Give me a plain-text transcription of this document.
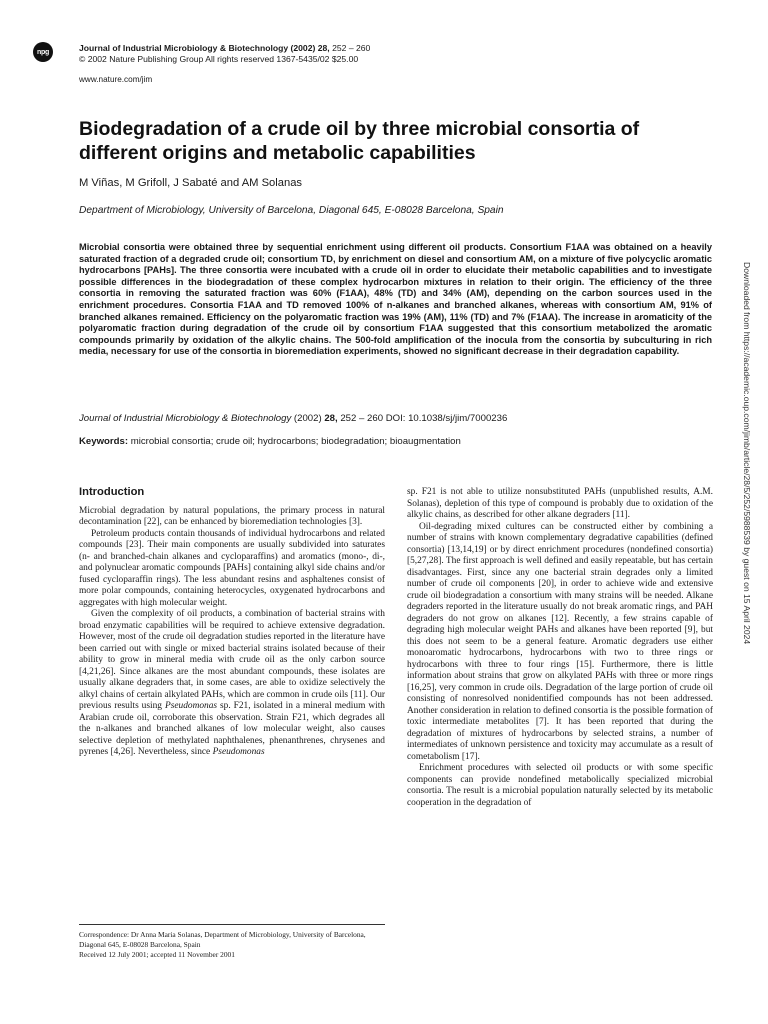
npg	Journal of Industrial Microbiology & Biotechnology (2002) 28, 252 – 260
© 2002 Nature Publishing Group All rights reserved 1367-5435/02 $25.00
www.nature.com/jim
Biodegradation of a crude oil by three microbial consortia of different origins and metabolic capabilities
M Viñas, M Grifoll, J Sabaté and AM Solanas
Department of Microbiology, University of Barcelona, Diagonal 645, E-08028 Barcelona, Spain
Microbial consortia were obtained three by sequential enrichment using different oil products. Consortium F1AA was obtained on a heavily saturated fraction of a degraded crude oil; consortium TD, by enrichment on diesel and consortium AM, on a mixture of five polycyclic aromatic hydrocarbons [PAHs]. The three consortia were incubated with a crude oil in order to elucidate their metabolic capabilities and to investigate possible differences in the biodegradation of these complex hydrocarbon mixtures in relation to their origin. The efficiency of the three consortia in removing the saturated fraction was 60% (F1AA), 48% (TD) and 34% (AM), depending on the carbon sources used in the enrichment procedures. Consortia F1AA and TD removed 100% of n-alkanes and branched alkanes, whereas with consortium AM, 91% of branched alkanes remained. Efficiency on the polyaromatic fraction was 19% (AM), 11% (TD) and 7% (F1AA). The increase in aromaticity of the polyaromatic fraction during degradation of the crude oil by consortium F1AA suggested that this consortium metabolized the aromatic compounds primarily by oxidation of the alkylic chains. The 500-fold amplification of the inocula from the consortia by subculturing in rich media, necessary for use of the consortia in bioremediation experiments, showed no significant decrease in their degradation capability.
Journal of Industrial Microbiology & Biotechnology (2002) 28, 252 – 260 DOI: 10.1038/sj/jim/7000236
Keywords: microbial consortia; crude oil; hydrocarbons; biodegradation; bioaugmentation	Downloaded from https://academic.oup.com/jimb/article/28/5/252/5988539 by guest on 15 April 2024
Introduction

Microbial degradation by natural populations, the primary process in natural decontamination [22], can be enhanced by bioremediation technologies [3].

Petroleum products contain thousands of individual hydrocarbons and related compounds [23]. Their main components are usually subdivided into saturates (n- and branched-chain alkanes and cycloparaffins) and aromatics (mono-, di-, and polynuclear aromatic compounds [PAHs] containing alkyl side chains and/or fused cycloparaffin rings). The less abundant resins and asphaltenes consist of more polar compounds, containing heterocycles, oxygenated hydrocarbons and aggregates with high molecular weight.

Given the complexity of oil products, a combination of bacterial strains with broad enzymatic capabilities will be required to achieve extensive degradation. However, most of the crude oil degradation studies reported in the literature have been carried out with single or mixed bacterial strains isolated because of their ability to grow in mineral media with crude oil as the only carbon source [4,21,26]. Since alkanes are the most abundant compounds, these isolates are usually alkane degraders that, in some cases, are able to oxidize selectively the alkyl chains of certain alkylated PAHs, which are common in crude oils [11]. Our previous results using Pseudomonas sp. F21, isolated in a mineral medium with Arabian crude oil, corroborate this observation. Strain F21, which degrades all the n-alkanes and branched alkanes of low molecular weight, also causes selective depletion of methylated naphthalenes, phenanthrenes, chrysenes and pyrenes [4,26]. Nevertheless, since Pseudomonas

sp. F21 is not able to utilize nonsubstituted PAHs (unpublished results, A.M. Solanas), depletion of this type of compound is probably due to oxidation of the alkylic chains, as described for other alkane degraders [11].

Oil-degrading mixed cultures can be constructed either by combining a number of strains with known complementary degradative capabilities (defined consortia) [13,14,19] or by direct enrichment procedures (nondefined consortia) [5,27,28]. The first approach is well defined and easily repeatable, but has certain disadvantages. First, since any one bacterial strain degrades only a limited number of crude oil components [20], in order to achieve wide and extensive crude oil biodegradation a consortium with many strains will be needed. Alkane degraders reported in the literature usually do not break aromatic rings, and PAH degraders do not grow on alkanes [12]. Recently, a few strains capable of degrading high molecular weight PAHs and alkanes have been reported [9], but this does not seem to be a general feature. Aromatic degraders use either monoaromatic hydrocarbons, hydrocarbons with two to three rings or hydrocarbons with three to four rings [15]. Furthermore, there is little information about strains that grow on alkylated PAHs with three or more rings [16,25], very common in crude oils. Degradation of the large portion of crude oil consisting of nonresolved nonidentified compounds has not been addressed. Another consideration in relation to defined consortia is the possible formation of toxic intermediate metabolites [7]. It has been reported that during the degradation of mixtures of hydrocarbons by selected strains, a number of intermediates of unknown persistence and toxicity may accumulate as a result of cometabolism [17].

Enrichment procedures with selected oil products or with some specific components can provide nondefined metabolically specialized microbial consortia. The result is a microbial population naturally selected by its metabolic cooperation in the degradation of

Correspondence: Dr Anna Maria Solanas, Department of Microbiology, University of Barcelona, Diagonal 645, E-08028 Barcelona, Spain
Received 12 July 2001; accepted 11 November 2001
